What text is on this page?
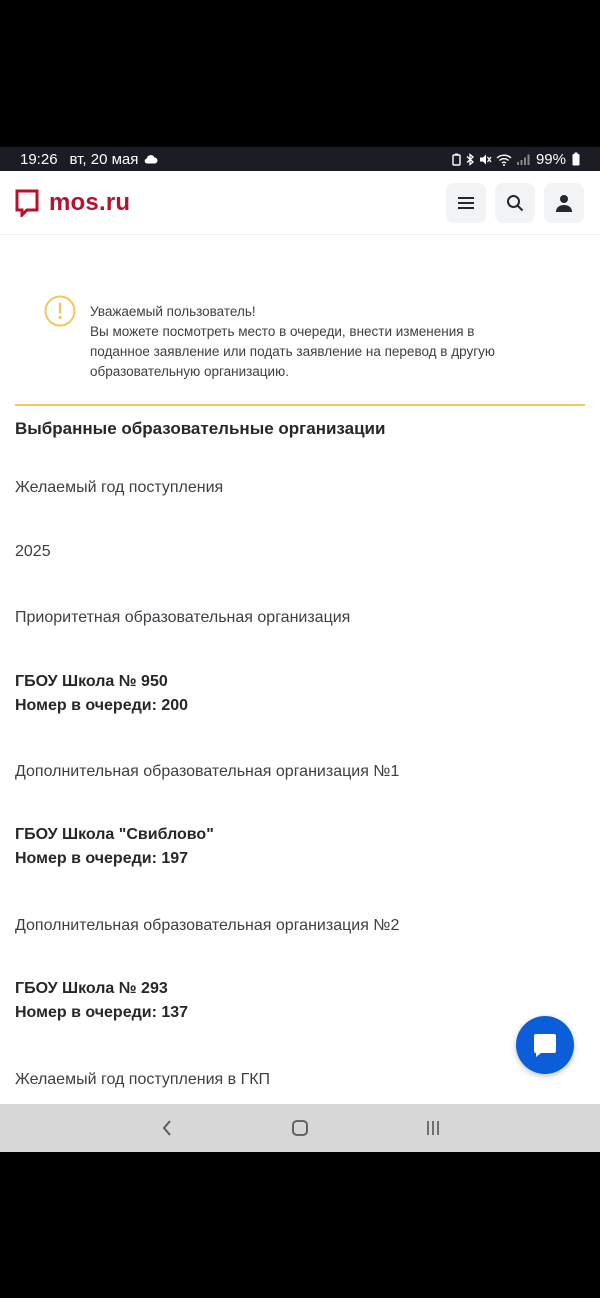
19:26 вт, 20 мая	99%
mos.ru
Уважаемый пользователь!
Вы можете посмотреть место в очереди, внести изменения в
поданное заявление или подать заявление на перевод в другую
образовательную организацию.
Выбранные образовательные организации
Желаемый год поступления
2025
Приоритетная образовательная организация
ГБОУ Школа № 950
Номер в очереди: 200
Дополнительная образовательная организация №1
ГБОУ Школа "Свиблово"
Номер в очереди: 197
Дополнительная образовательная организация №2
ГБОУ Школа № 293
Номер в очереди: 137
Желаемый год поступления в ГКП
